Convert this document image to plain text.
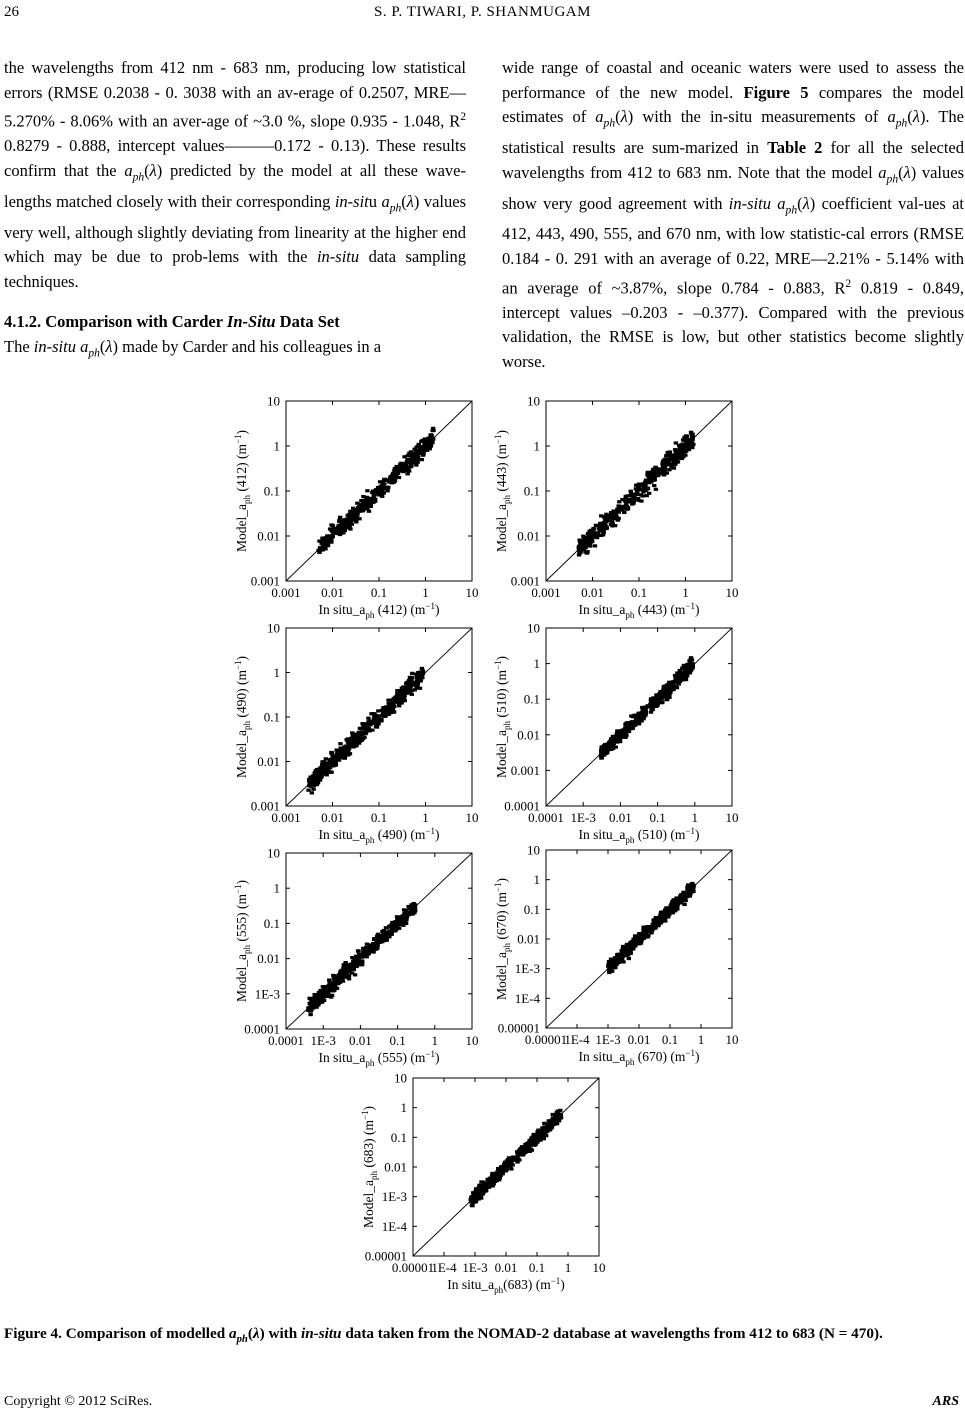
26	S. P. TIWARI, P. SHANMUGAM

the wavelengths from 412 nm - 683 nm, producing low statistical errors (RMSE 0.2038 - 0. 3038 with an av-erage of 0.2507, MRE—5.270% - 8.06% with an aver-age of ~3.0 %, slope 0.935 - 1.048, $R^2$ 0.8279 - 0.888, intercept values———0.172 - 0.13). These results confirm that the $a_{ph}(\lambda)$ predicted by the model at all these wave-lengths matched closely with their corresponding in-situ $a_{ph}(\lambda)$ values very well, although slightly deviating from linearity at the higher end which may be due to prob-lems with the in-situ data sampling techniques.

4.1.2. Comparison with Carder In-Situ Data Set

The in-situ $a_{ph}(\lambda)$ made by Carder and his colleagues in a

wide range of coastal and oceanic waters were used to assess the performance of the new model. Figure 5 compares the model estimates of $a_{ph}(\lambda)$ with the in-situ measurements of $a_{ph}(\lambda)$. The statistical results are sum-marized in Table 2 for all the selected wavelengths from 412 to 683 nm. Note that the model $a_{ph}(\lambda)$ values show very good agreement with in-situ $a_{ph}(\lambda)$ coefficient val-ues at 412, 443, 490, 555, and 670 nm, with low statistic-cal errors (RMSE 0.184 - 0. 291 with an average of 0.22, MRE—2.21% - 5.14% with an average of ~3.87%, slope 0.784 - 0.883, $R^2$ 0.819 - 0.849, intercept values –0.203 - –0.377). Compared with the previous validation, the RMSE is low, but other statistics become slightly worse.

0.001 0.01 0.1	1	10
0.001
0.01
0.1
1
10
In $situ\_a_{ph}$ (412) $(m^{-1})$
$Model\_a_{ph}$ (412) $(m^{-1})$
0.001 0.01 0.1	1	10
0.001
0.01
0.1
1
10
In $situ\_a_{ph}$ (443) $(m^{-1})$
$Model\_a_{ph}$ (443) $(m^{-1})$
0.001 0.01 0.1	1	10
0.001
0.01
0.1
1
10
In $situ\_a_{ph}$ (490) $(m^{-1})$
$Model\_a_{ph}$ (490) $(m^{-1})$
0.0001 1E-3 0.01 0.1 1 10
0.0001
0.001
0.01
0.1
1
10
In $situ\_a_{ph}$ (510) $(m^{-1})$
$Model\_a_{ph}$ (510) $(m^{-1})$
0.0001 1E-3 0.01 0.1 1 10
0.0001
1E-3
0.01
0.1
1
10
In $situ\_a_{ph}$ (555) $(m^{-1})$
$Model\_a_{ph}$ (555) $(m^{-1})$
0.00001
1E-4 1E-3 0.01 0.1 1 10
0.00001
1E-4
1E-3
0.01
0.1
1
10
In $situ\_a_{ph}$ (670) $(m^{-1})$
$Model\_a_{ph}$ (670) $(m^{-1})$
0.00001
1E-4 1E-3 0.01 0.1 1 10
0.00001
1E-4
1E-3
0.01
0.1
1
10
In $situ\_a_{ph}(683)$ $(m^{-1})$
$Model\_a_{ph}$ (683) $(m^{-1})$
Figure 4. Comparison of modelled $a_{ph}(\lambda)$ with in-situ data taken from the NOMAD-2 database at wavelengths from 412 to 683 (N = 470).
Copyright © 2012 SciRes.	ARS
